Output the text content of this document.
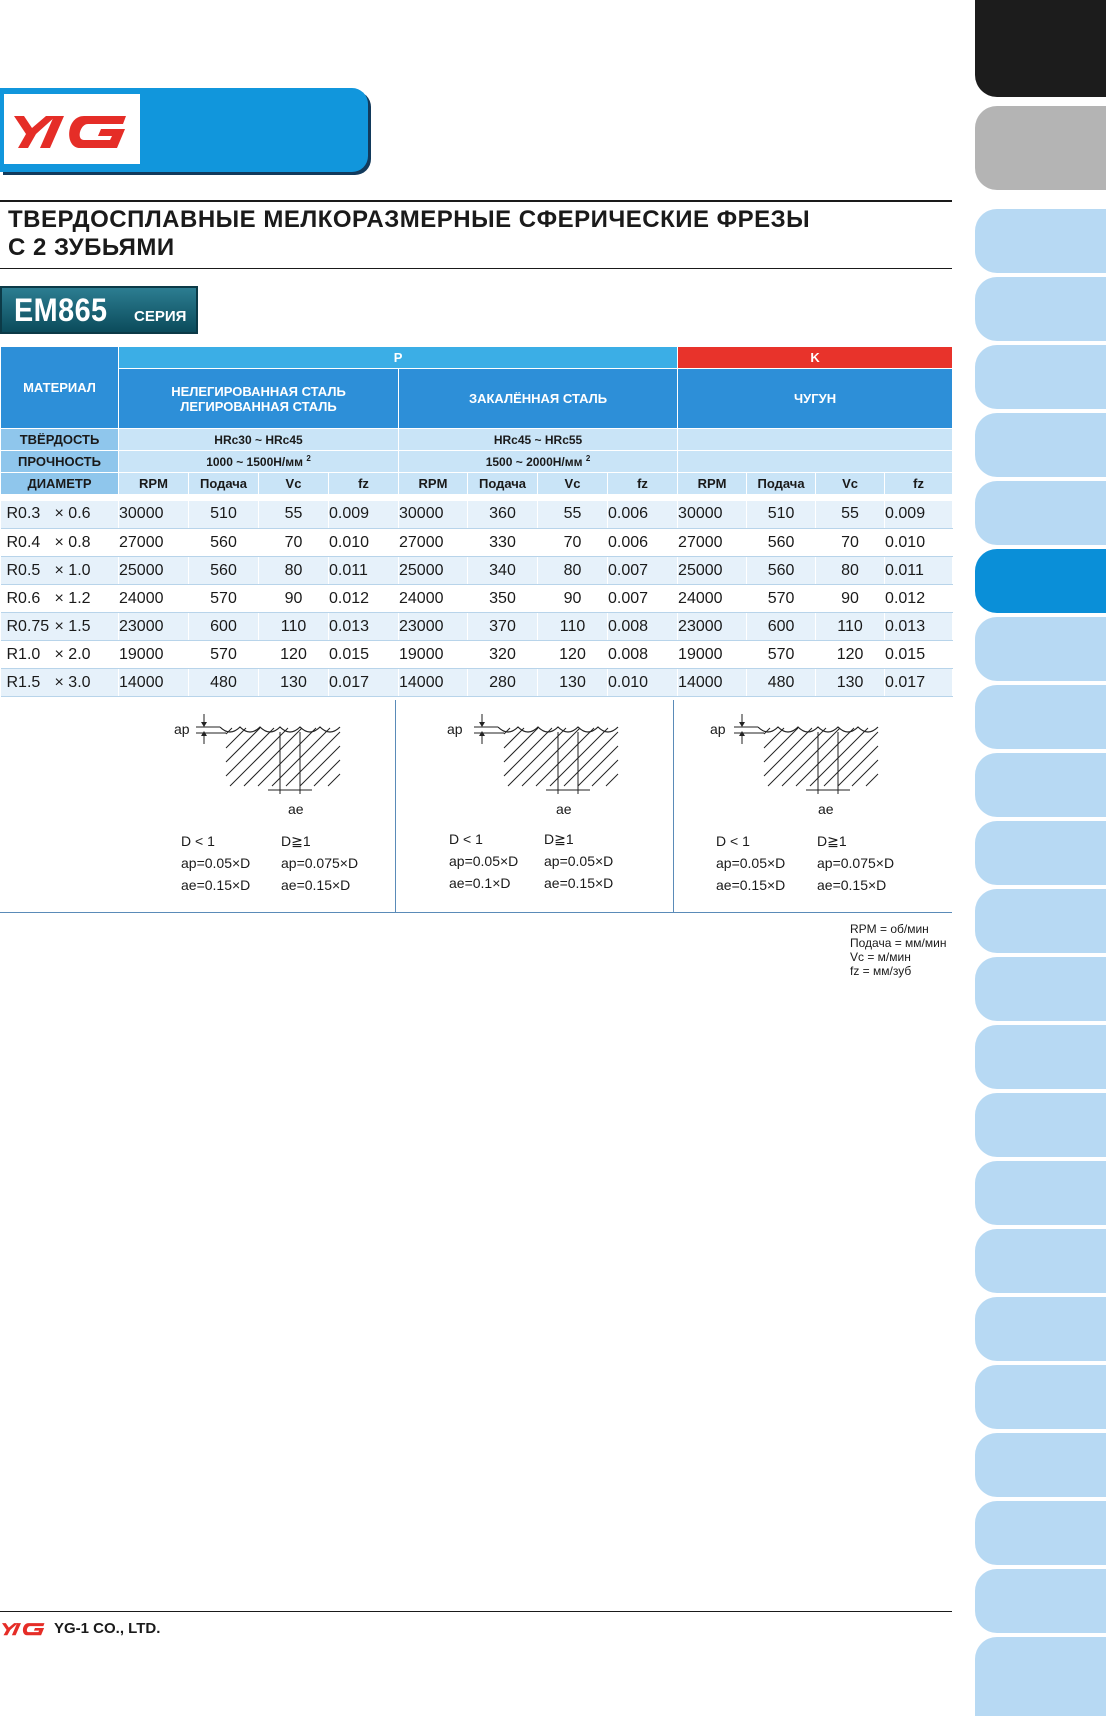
ТВЕРДОСПЛАВНЫЕ МЕЛКОРАЗМЕРНЫЕ СФЕРИЧЕСКИЕ ФРЕЗЫ
С 2 ЗУБЬЯМИ
EM865 СЕРИЯ
МАТЕРИАЛ	P								K			
	НЕЛЕГИРОВАННАЯ СТАЛЬ
ЛЕГИРОВАННАЯ СТАЛЬ				ЗАКАЛЁННАЯ СТАЛЬ				ЧУГУН			
ТВЁРДОСТЬ	HRc30 ~ HRc45				HRc45 ~ HRc55							
ПРОЧНОСТЬ	1000 ~ 1500Н/мм $^2$				1500 ~ 2000Н/мм $^2$	
ДИАМЕТР	RPM	Подача	Vc	fz	RPM	Подача	Vc	fz	RPM	Подача	Vc	fz

R0.3 × 0.6	30000	510	55	0.009	30000	360	55	0.006	30000	510	55	0.009
R0.4 × 0.8	27000	560	70	0.010	27000	330	70	0.006	27000	560	70	0.010
R0.5 × 1.0	25000	560	80	0.011	25000	340	80	0.007	25000	560	80	0.011
R0.6 × 1.2	24000	570	90	0.012	24000	350	90	0.007	24000	570	90	0.012
R0.75 × 1.5	23000	600	110	0.013	23000	370	110	0.008	23000	600	110	0.013
R1.0 × 2.0	19000	570	120	0.015	19000	320	120	0.008	19000	570	120	0.015
R1.5 × 3.0	14000	480	130	0.017	14000	280	130	0.010	14000	480	130	0.017
ap
ae
D < 1	D≧1
ap=0.05×D ap=0.075×D
ae=0.15×D ae=0.15×D
ap
ae
D < 1	D≧1
ap=0.05×D ap=0.05×D
ae=0.1×D ae=0.15×D
ap
ae
D < 1	D≧1
ap=0.05×D ap=0.075×D
ae=0.15×D ae=0.15×D
RPM = об/мин
Подача = мм/мин
Vc = м/мин
fz = мм/зуб
YG-1 CO., LTD.
